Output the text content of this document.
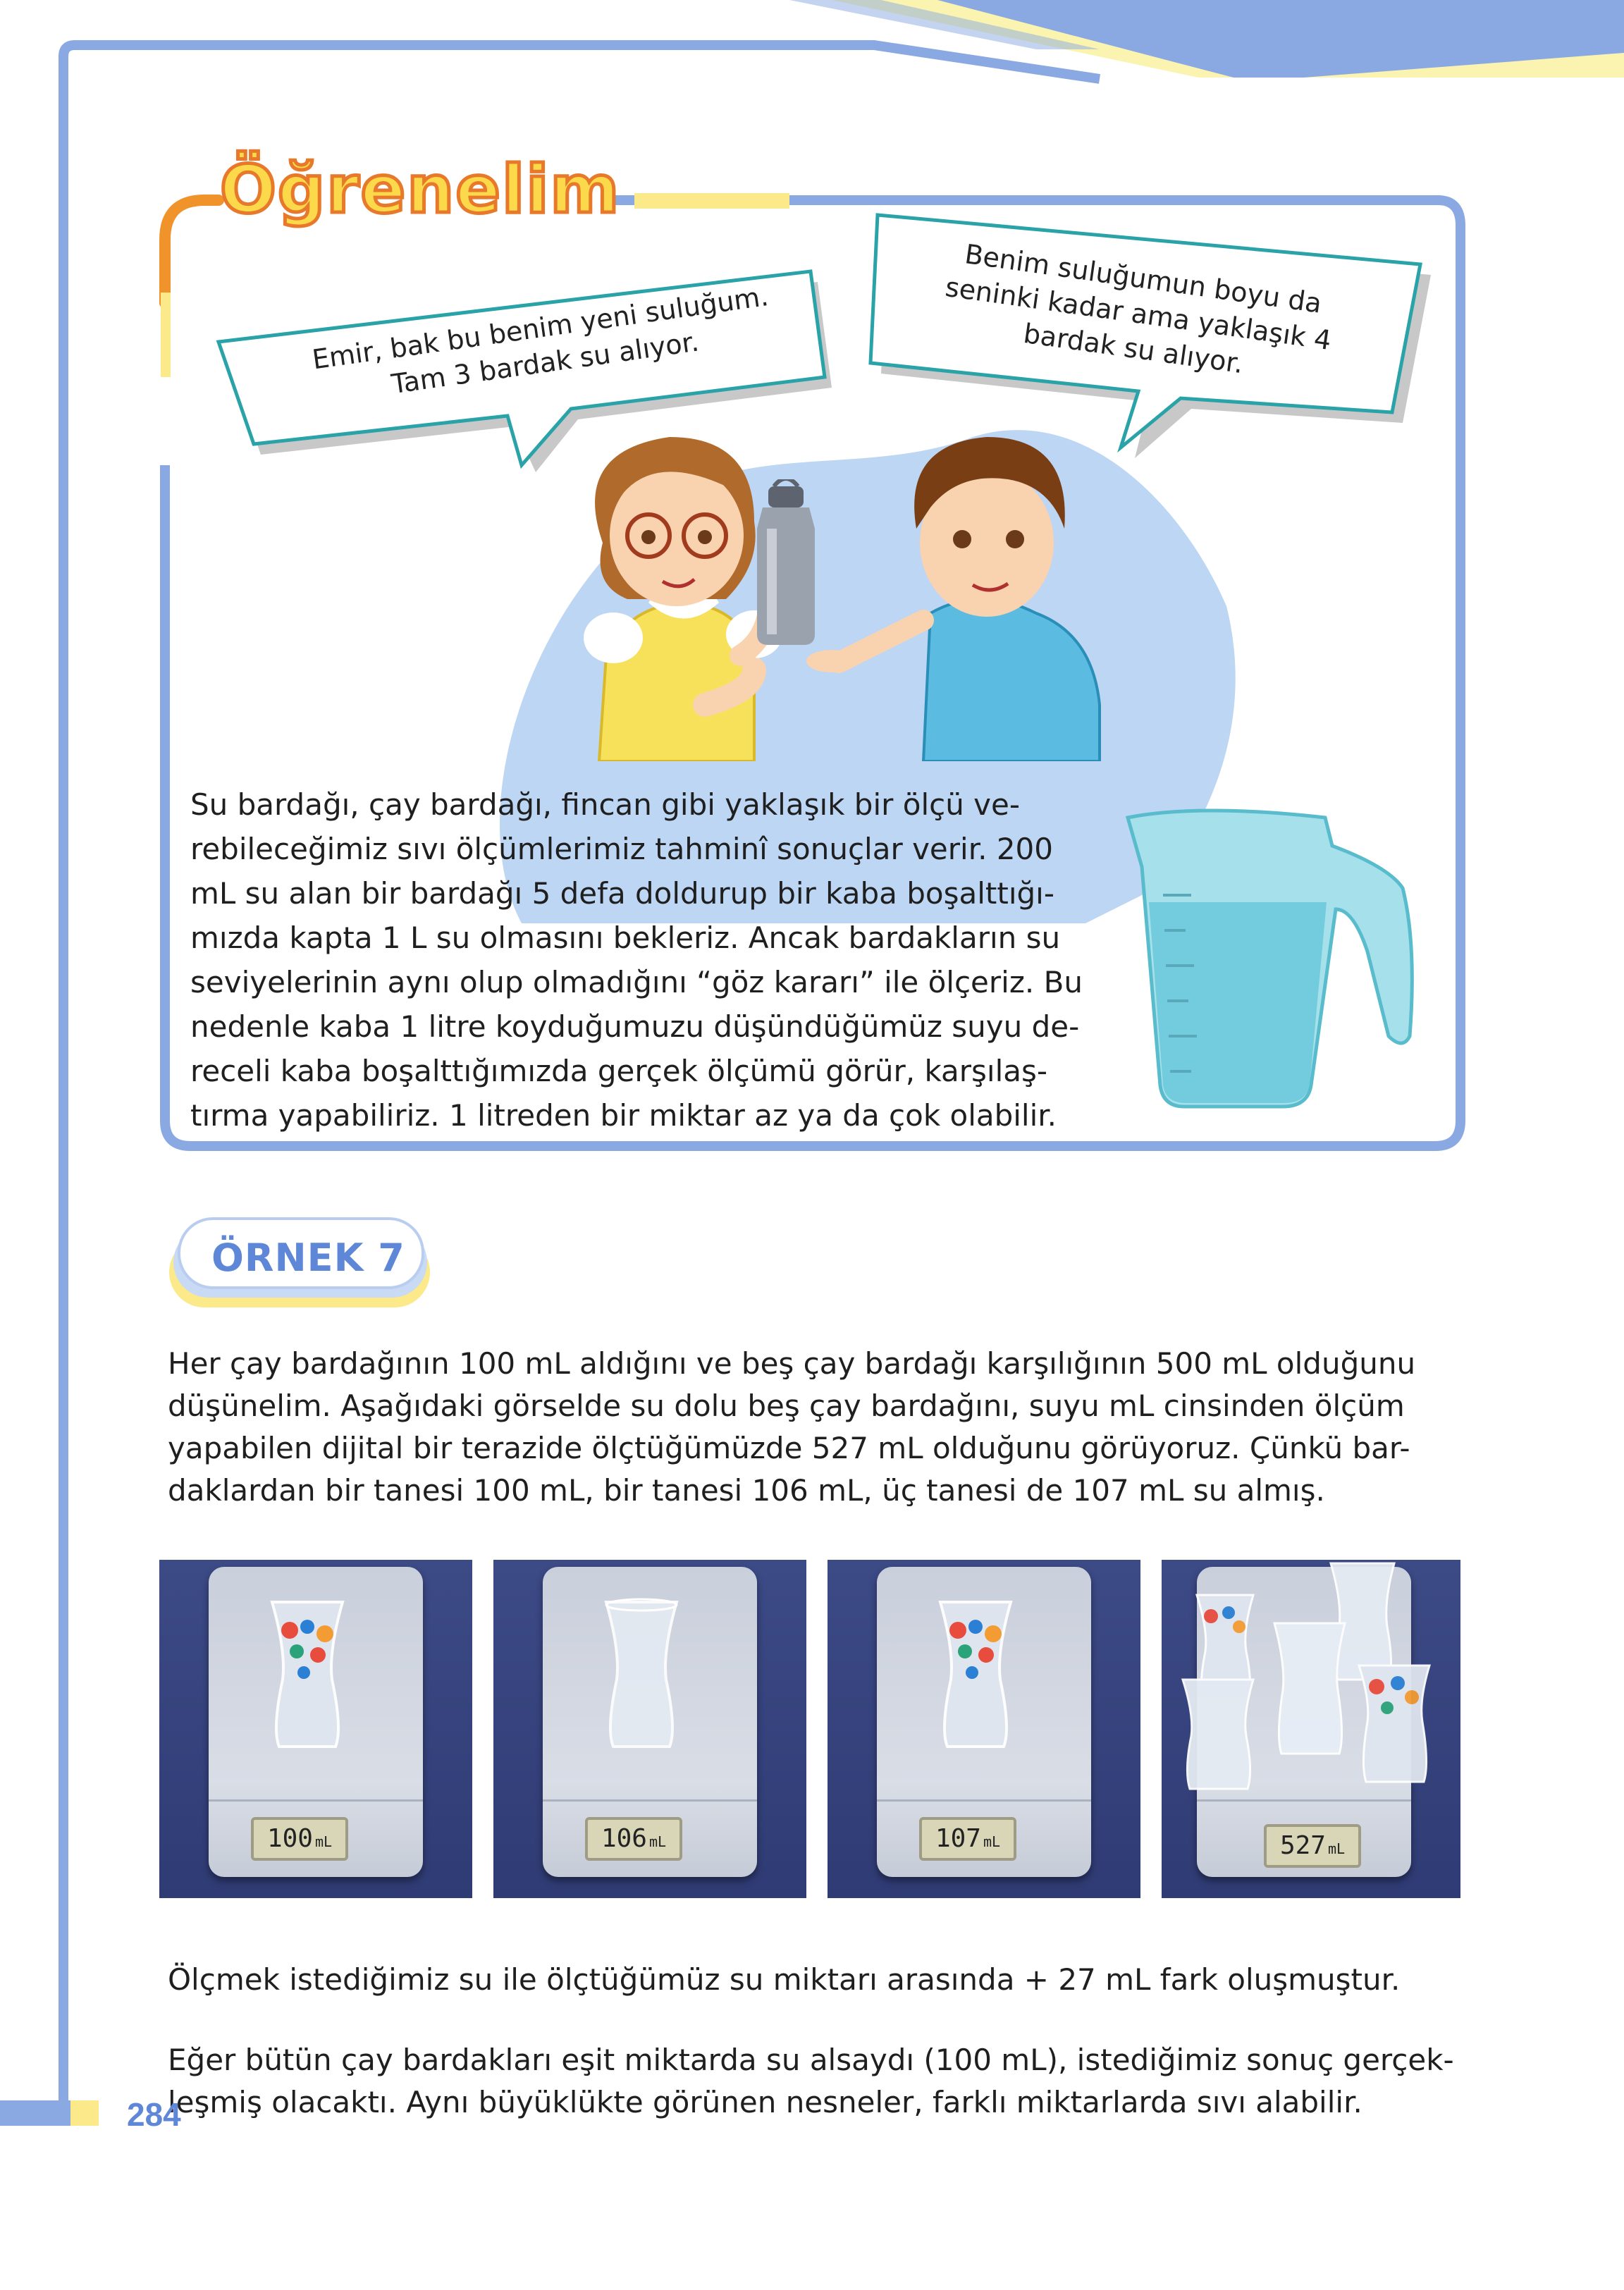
Öğrenelim
Emir, bak bu benim yeni suluğum. Tam 3 bardak su alıyor.
Benim suluğumun boyu da seninki kadar ama yaklaşık 4 bardak su alıyor.
Su bardağı, çay bardağı, fincan gibi yaklaşık bir ölçü ve-
rebileceğimiz sıvı ölçümlerimiz tahminî sonuçlar verir. 200
mL su alan bir bardağı 5 defa doldurup bir kaba boşalttığı-
mızda kapta 1 L su olmasını bekleriz. Ancak bardakların su
seviyelerinin aynı olup olmadığını “göz kararı” ile ölçeriz. Bu
nedenle kaba 1 litre koyduğumuzu düşündüğümüz suyu de-
receli kaba boşalttığımızda gerçek ölçümü görür, karşılaş-
tırma yapabiliriz. 1 litreden bir miktar az ya da çok olabilir.
ÖRNEK 7
Her çay bardağının 100 mL aldığını ve beş çay bardağı karşılığının 500 mL olduğunu
düşünelim. Aşağıdaki görselde su dolu beş çay bardağını, suyu mL cinsinden ölçüm
yapabilen dijital bir terazide ölçtüğümüzde 527 mL olduğunu görüyoruz. Çünkü bar-
daklardan bir tanesi 100 mL, bir tanesi 106 mL, üç tanesi de 107 mL su almış.
100 mL	106 mL	107 mL	527 mL
Ölçmek istediğimiz su ile ölçtüğümüz su miktarı arasında + 27 mL fark oluşmuştur.
Eğer bütün çay bardakları eşit miktarda su alsaydı (100 mL), istediğimiz sonuç gerçek-
leşmiş olacaktı. Aynı büyüklükte görünen nesneler, farklı miktarlarda sıvı alabilir.
284
